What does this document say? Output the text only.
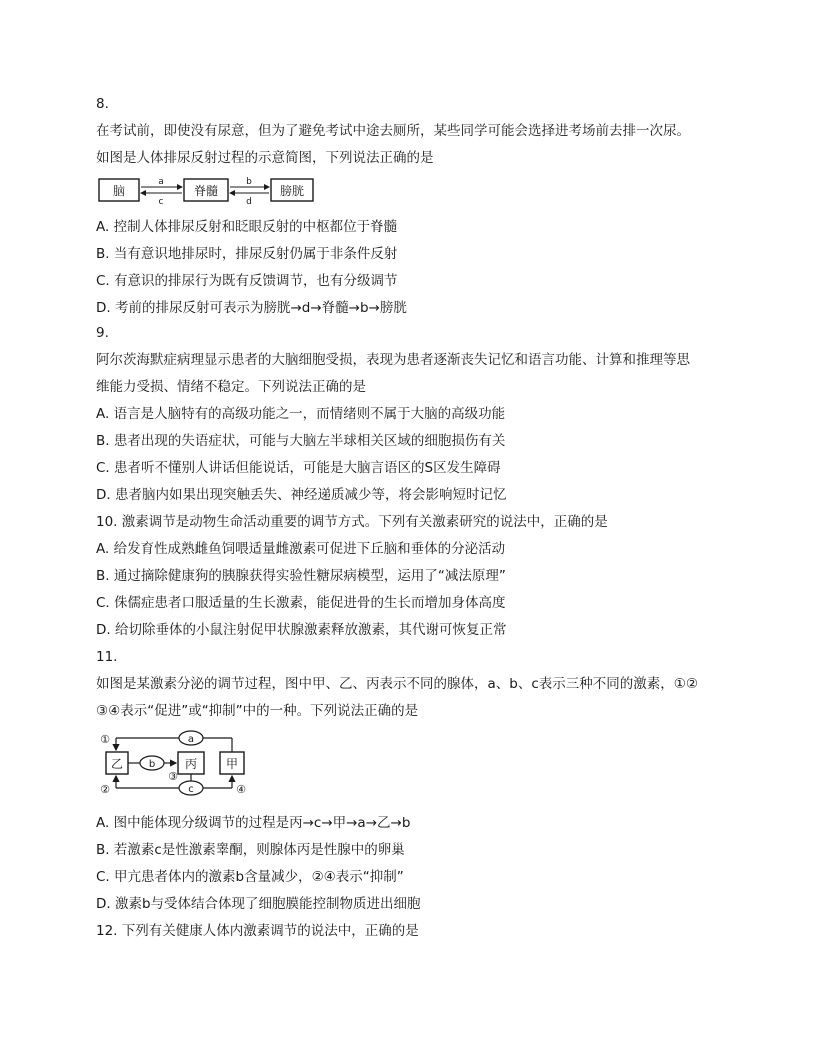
8.
在考试前，即使没有尿意，但为了避免考试中途去厕所，某些同学可能会选择进考场前去排一次尿。
如图是人体排尿反射过程的示意简图，下列说法正确的是
脑	脊髓	膀胱
a
c
b
d
A. 控制人体排尿反射和眨眼反射的中枢都位于脊髓
B. 当有意识地排尿时，排尿反射仍属于非条件反射
C. 有意识的排尿行为既有反馈调节，也有分级调节
D. 考前的排尿反射可表示为膀胱→d→脊髓→b→膀胱
9.
阿尔茨海默症病理显示患者的大脑细胞受损，表现为患者逐渐丧失记忆和语言功能、计算和推理等思
维能力受损、情绪不稳定。下列说法正确的是
A. 语言是人脑特有的高级功能之一，而情绪则不属于大脑的高级功能
B. 患者出现的失语症状，可能与大脑左半球相关区域的细胞损伤有关
C. 患者听不懂别人讲话但能说话，可能是大脑言语区的S区发生障碍
D. 患者脑内如果出现突触丢失、神经递质减少等，将会影响短时记忆
10. 激素调节是动物生命活动重要的调节方式。下列有关激素研究的说法中，正确的是
A. 给发育性成熟雌鱼饲喂适量雌激素可促进下丘脑和垂体的分泌活动
B. 通过摘除健康狗的胰腺获得实验性糖尿病模型，运用了“减法原理”
C. 侏儒症患者口服适量的生长激素，能促进骨的生长而增加身体高度
D. 给切除垂体的小鼠注射促甲状腺激素释放激素，其代谢可恢复正常
11.
如图是某激素分泌的调节过程，图中甲、乙、丙表示不同的腺体，a、b、c表示三种不同的激素，①②
③④表示“促进”或“抑制”中的一种。下列说法正确的是
a
①
乙	丙 甲
b
③
c
②	④
A. 图中能体现分级调节的过程是丙→c→甲→a→乙→b
B. 若激素c是性激素睾酮，则腺体丙是性腺中的卵巢
C. 甲亢患者体内的激素b含量减少，②④表示“抑制”
D. 激素b与受体结合体现了细胞膜能控制物质进出细胞
12. 下列有关健康人体内激素调节的说法中，正确的是
